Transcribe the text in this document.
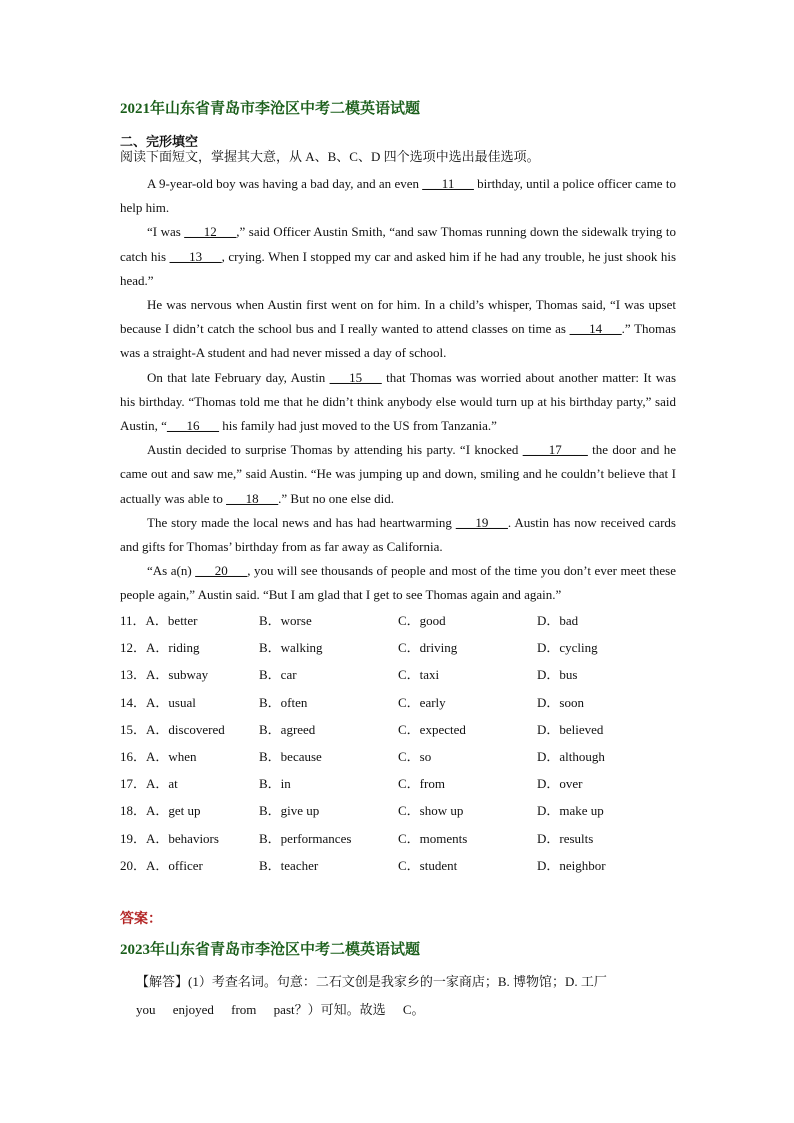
2021年山东省青岛市李沧区中考二模英语试题
二、完形填空
阅读下面短文，掌握其大意，从 A、B、C、D 四个选项中选出最佳选项。

A 9-year-old boy was having a bad day, and an even ___11___ birthday, until a police officer came to help him.

“I was ___12___,” said Officer Austin Smith, “and saw Thomas running down the sidewalk trying to catch his ___13___, crying. When I stopped my car and asked him if he had any trouble, he just shook his head.”

He was nervous when Austin first went on for him. In a child’s whisper, Thomas said, “I was upset because I didn’t catch the school bus and I really wanted to attend classes on time as ___14___.” Thomas was a straight-A student and had never missed a day of school.

On that late February day, Austin ___15___ that Thomas was worried about another matter: It was his birthday. “Thomas told me that he didn’t think anybody else would turn up at his birthday party,” said Austin, “___16___ his family had just moved to the US from Tanzania.”

Austin decided to surprise Thomas by attending his party. “I knocked ____17____ the door and he came out and saw me,” said Austin. “He was jumping up and down, smiling and he couldn’t believe that I actually was able to ___18___.” But no one else did.

The story made the local news and has had heartwarming ___19___. Austin has now received cards and gifts for Thomas’ birthday from as far away as California.

“As a(n) ___20___, you will see thousands of people and most of the time you don’t ever meet these people again,” Austin said. “But I am glad that I get to see Thomas again and again.”

11．A．better	B．worse	C．good	D．bad
12．A．riding	B．walking	C．driving	D．cycling
13．A．subway	B．car	C．taxi	D．bus
14．A．usual	B．often	C．early	D．soon
15．A．discovered	B．agreed	C．expected	D．believed
16．A．when	B．because	C．so	D．although
17．A．at	B．in	C．from	D．over
18．A．get up	B．give up	C．show up	D．make up
19．A．behaviors	B．performances	C．moments	D．results
20．A．officer	B．teacher	C．student	D．neighbor
答案：
2023年山东省青岛市李沧区中考二模英语试题
【解答】(1）考查名词。句意：二石文创是我家乡的一家商店；B. 博物馆；D. 工厂
you enjoyed from past？）可知。故选 C。
